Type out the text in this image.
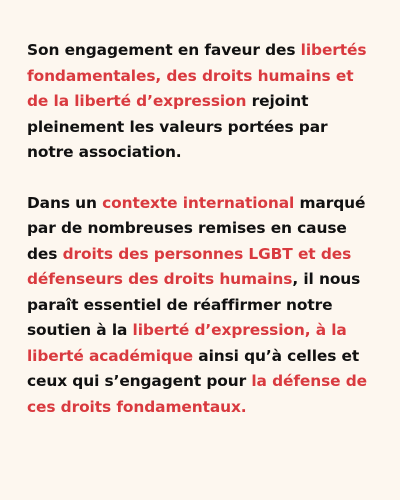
Son engagement en faveur des libertés fondamentales, des droits humains et de la liberté d’expression rejoint pleinement les valeurs portées par notre association.

Dans un contexte international marqué par de nombreuses remises en cause des droits des personnes LGBT et des défenseurs des droits humains, il nous paraît essentiel de réaffirmer notre soutien à la liberté d’expression, à la liberté académique ainsi qu’à celles et ceux qui s’engagent pour la défense de ces droits fondamentaux.
